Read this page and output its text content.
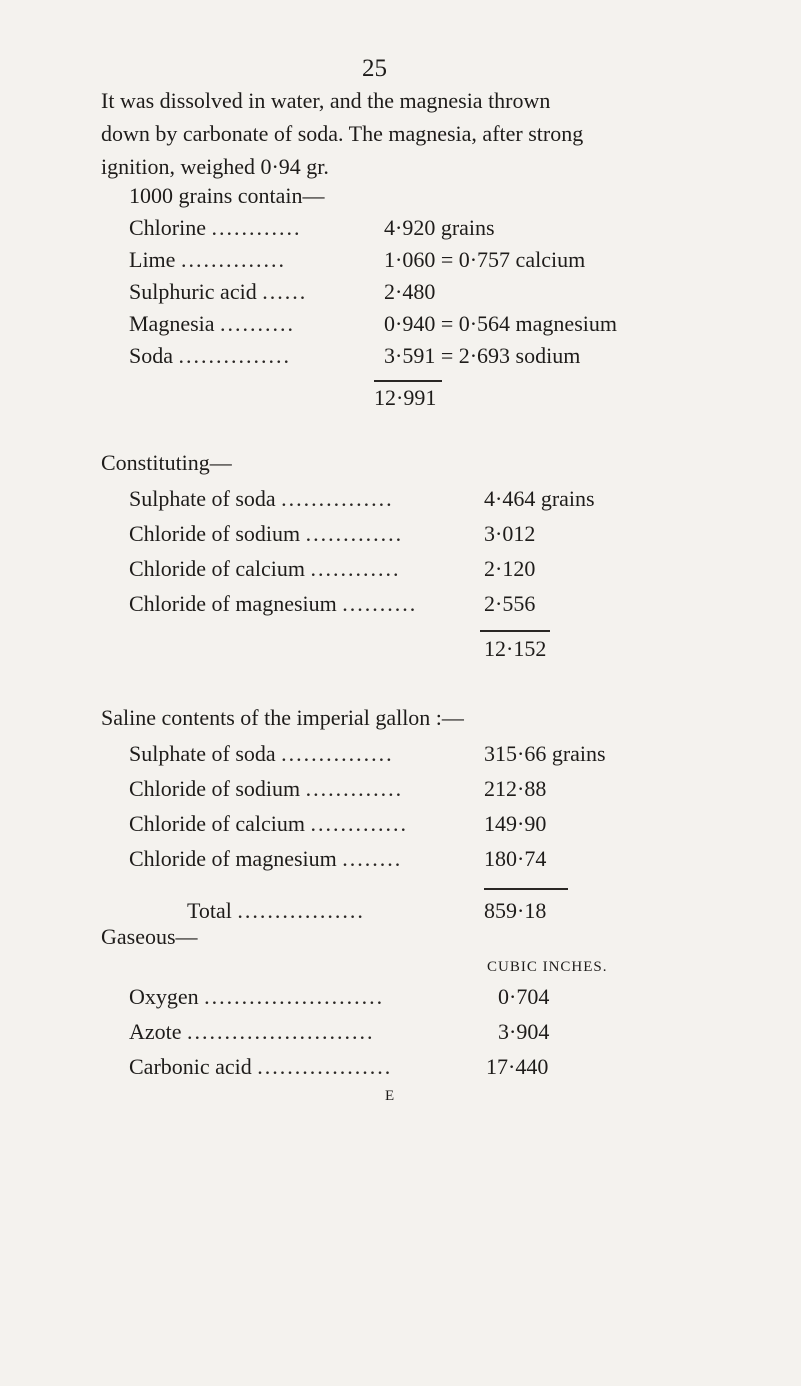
25
It was dissolved in water, and the magnesia thrown
down by carbonate of soda. The magnesia, after strong
ignition, weighed 0·94 gr.
1000 grains contain—
Chlorine ............	4·920 grains
Lime ..............	1·060 = 0·757 calcium
Sulphuric acid ......	2·480
Magnesia ..........	0·940 = 0·564 magnesium
Soda ...............	3·591 = 2·693 sodium
12·991
Constituting—
Sulphate of soda ...............	4·464 grains
Chloride of sodium .............	3·012
Chloride of calcium ............	2·120
Chloride of magnesium ..........	2·556
12·152
Saline contents of the imperial gallon :—
Sulphate of soda ...............	315·66 grains
Chloride of sodium .............	212·88
Chloride of calcium .............	149·90
Chloride of magnesium ........	180·74
Total .................	859·18
Gaseous—
CUBIC INCHES.
Oxygen ........................	0·704
Azote .........................	3·904
Carbonic acid ..................	17·440
E
